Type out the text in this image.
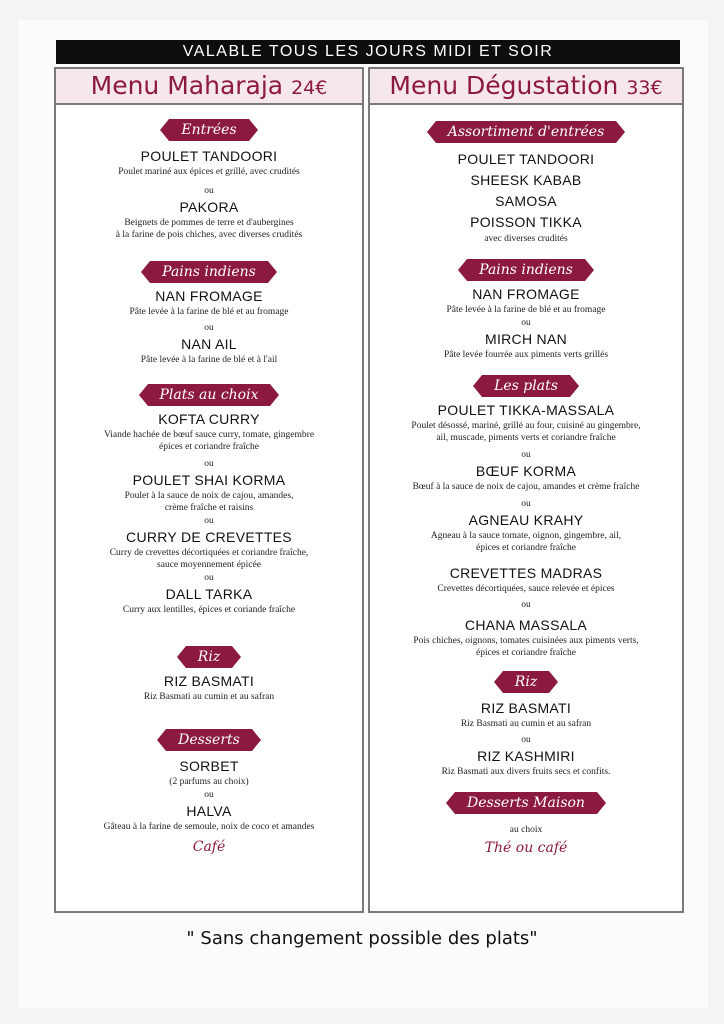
VALABLE TOUS LES JOURS MIDI ET SOIR
Menu Maharaja 24€
Entrées
POULET TANDOORI
Poulet mariné aux épices et grillé, avec crudités
ou
PAKORA
Beignets de pommes de terre et d'aubergines
à la farine de pois chiches, avec diverses crudités
Pains indiens
NAN FROMAGE
Pâte levée à la farine de blé et au fromage
ou
NAN AIL
Pâte levée à la farine de blé et à l'ail
Plats au choix
KOFTA CURRY
Viande hachée de bœuf sauce curry, tomate, gingembre
épices et coriandre fraîche
ou
POULET SHAI KORMA
Poulet à la sauce de noix de cajou, amandes,
crème fraîche et raisins
ou
CURRY DE CREVETTES
Curry de crevettes décortiquées et coriandre fraîche,
sauce moyennement épicée
ou
DALL TARKA
Curry aux lentilles, épices et coriande fraîche
Riz
RIZ BASMATI
Riz Basmati au cumin et au safran
Desserts
SORBET
(2 parfums au choix)
ou
HALVA
Gâteau à la farine de semoule, noix de coco et amandes
Café
Menu Dégustation 33€
Assortiment d'entrées
POULET TANDOORI
SHEESK KABAB
SAMOSA
POISSON TIKKA
avec diverses crudités
Pains indiens
NAN FROMAGE
Pâte levée à la farine de blé et au fromage
ou
MIRCH NAN
Pâte levée fourrée aux piments verts grillés
Les plats
POULET TIKKA-MASSALA
Poulet désossé, mariné, grillé au four, cuisiné au gingembre,
ail, muscade, piments verts et coriandre fraîche
ou
BŒUF KORMA
Bœuf à la sauce de noix de cajou, amandes et crème fraîche
ou
AGNEAU KRAHY
Agneau à la sauce tomate, oignon, gingembre, ail,
épices et coriandre fraîche
CREVETTES MADRAS
Crevettes décortiquées, sauce relevée et épices
ou
CHANA MASSALA
Pois chiches, oignons, tomates cuisinées aux piments verts,
épices et coriandre fraîche
Riz
RIZ BASMATI
Riz Basmati au cumin et au safran
ou
RIZ KASHMIRI
Riz Basmati aux divers fruits secs et confits.
Desserts Maison
au choix
Thé ou café
" Sans changement possible des plats"
